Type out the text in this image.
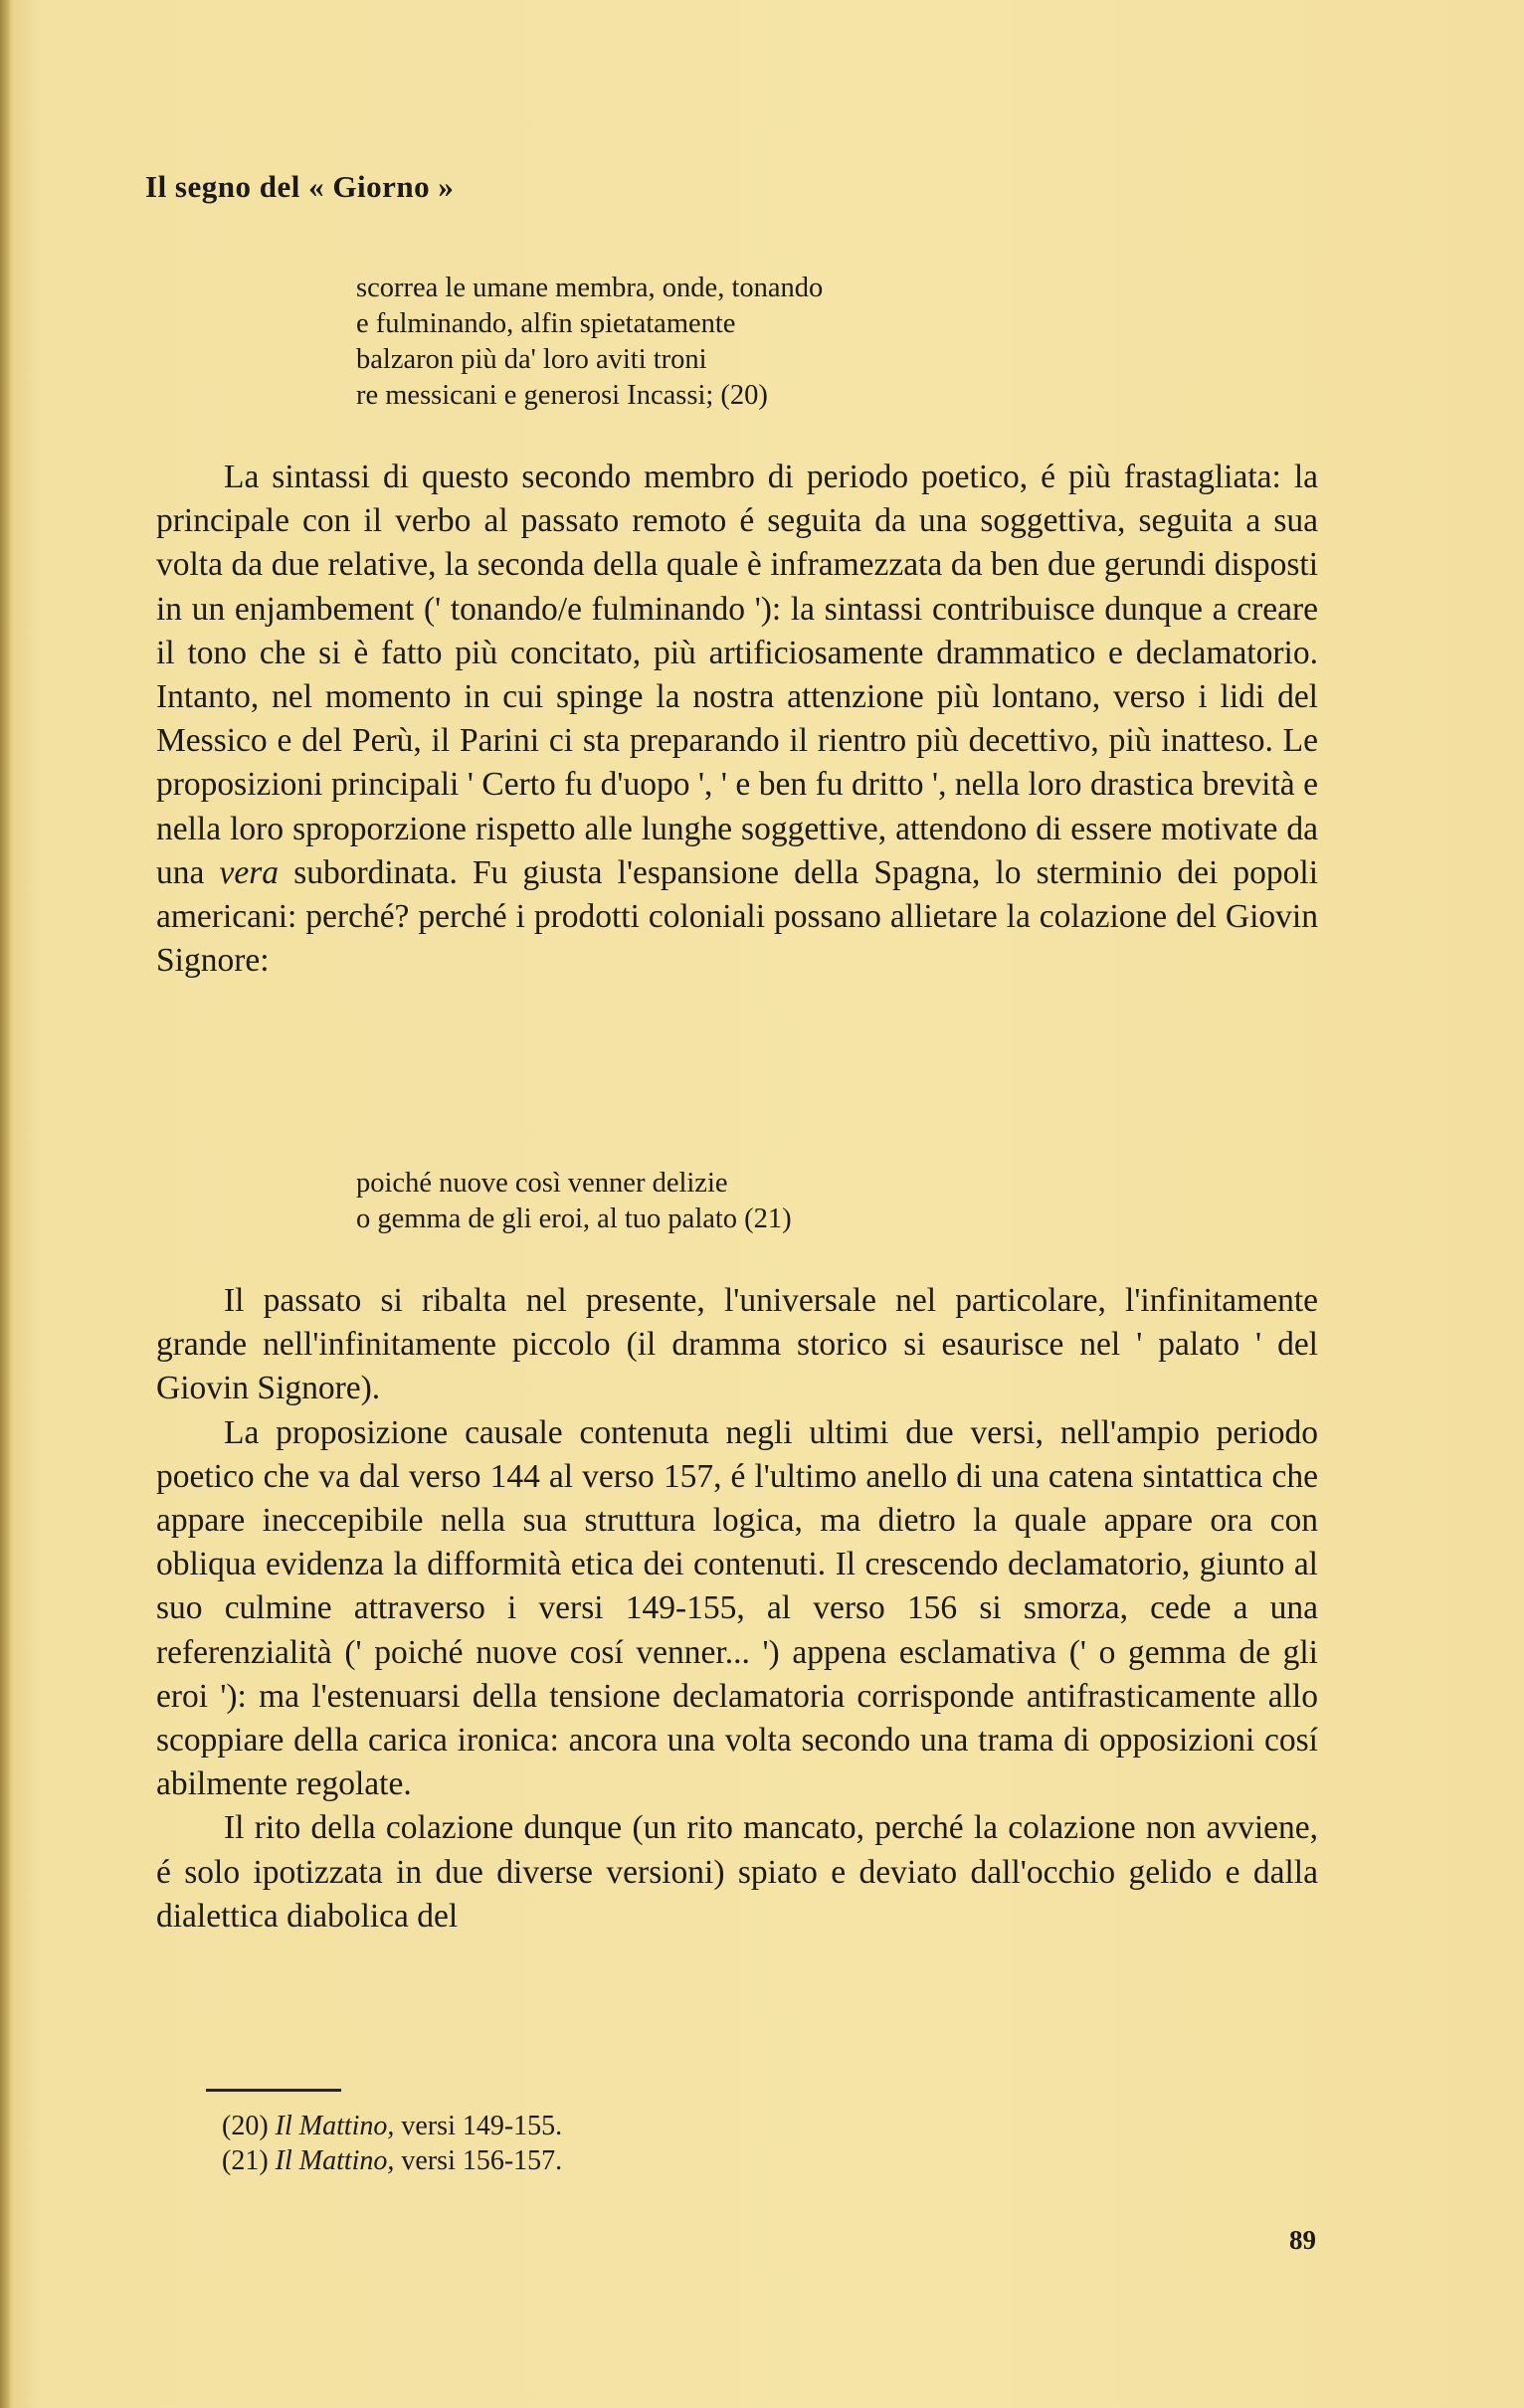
Il segno del « Giorno »
scorrea le umane membra, onde, tonando
e fulminando, alfin spietatamente
balzaron più da' loro aviti troni
re messicani e generosi Incassi; (20)

La sintassi di questo secondo membro di periodo poetico, é più frastagliata: la principale con il verbo al passato remoto é seguita da una soggettiva, seguita a sua volta da due relative, la seconda della quale è inframezzata da ben due gerundi disposti in un enjambement (' tonando/e fulminando '): la sintassi contribuisce dunque a creare il tono che si è fatto più concitato, più artificiosamente drammatico e declamatorio. Intanto, nel momento in cui spinge la nostra attenzione più lontano, verso i lidi del Messico e del Perù, il Parini ci sta preparando il rientro più decettivo, più inatteso. Le proposizioni principali ' Certo fu d'uopo ', ' e ben fu dritto ', nella loro drastica brevità e nella loro sproporzione rispetto alle lunghe soggettive, attendono di essere motivate da una vera subordinata. Fu giusta l'espansione della Spagna, lo sterminio dei popoli americani: perché? perché i prodotti coloniali possano allietare la colazione del Giovin Signore:

poiché nuove così venner delizie
o gemma de gli eroi, al tuo palato (21)

Il passato si ribalta nel presente, l'universale nel particolare, l'infinitamente grande nell'infinitamente piccolo (il dramma storico si esaurisce nel ' palato ' del Giovin Signore).

La proposizione causale contenuta negli ultimi due versi, nell'ampio periodo poetico che va dal verso 144 al verso 157, é l'ultimo anello di una catena sintattica che appare ineccepibile nella sua struttura logica, ma dietro la quale appare ora con obliqua evidenza la difformità etica dei contenuti. Il crescendo declamatorio, giunto al suo culmine attraverso i versi 149-155, al verso 156 si smorza, cede a una referenzialità (' poiché nuove cosí venner... ') appena esclamativa (' o gemma de gli eroi '): ma l'estenuarsi della tensione declamatoria corrisponde antifrasticamente allo scoppiare della carica ironica: ancora una volta secondo una trama di opposizioni cosí abilmente regolate.

Il rito della colazione dunque (un rito mancato, perché la colazione non avviene, é solo ipotizzata in due diverse versioni) spiato e deviato dall'occhio gelido e dalla dialettica diabolica del

(20) Il Mattino, versi 149-155.
(21) Il Mattino, versi 156-157.
89
